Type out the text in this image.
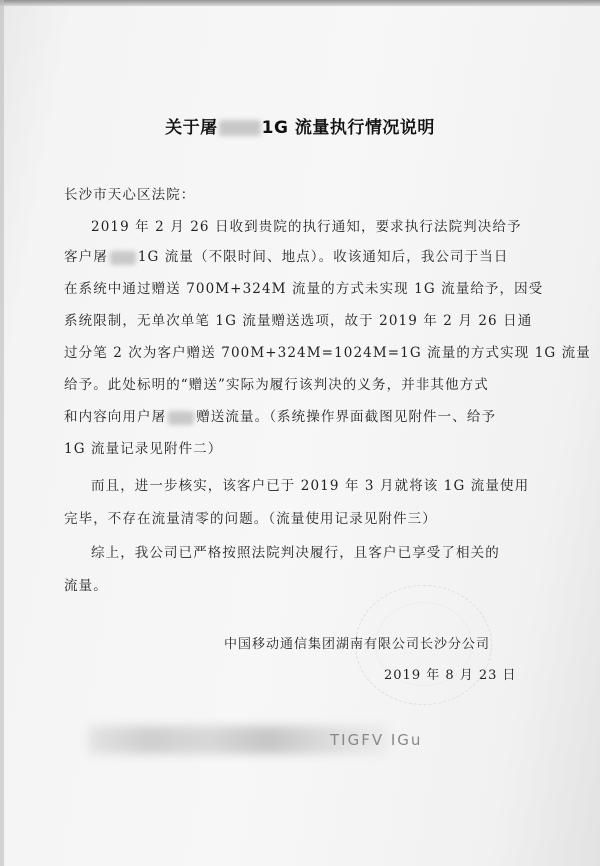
关于屠	1G 流量执行情况说明
长沙市天心区法院：
2019 年 2 月 26 日收到贵院的执行通知，要求执行法院判决给予
客户屠 1G 流量（不限时间、地点）。收该通知后，我公司于当日
在系统中通过赠送 700M+324M 流量的方式未实现 1G 流量给予，因受
系统限制，无单次单笔 1G 流量赠送选项，故于 2019 年 2 月 26 日通
过分笔 2 次为客户赠送 700M+324M=1024M=1G 流量的方式实现 1G 流量
给予。此处标明的“赠送”实际为履行该判决的义务，并非其他方式
和内容向用户屠 赠送流量。（系统操作界面截图见附件一、给予
1G 流量记录见附件二）
而且，进一步核实，该客户已于 2019 年 3 月就将该 1G 流量使用
完毕，不存在流量清零的问题。（流量使用记录见附件三）
综上，我公司已严格按照法院判决履行，且客户已享受了相关的
流量。
中国移动通信集团湖南有限公司长沙分公司
2019 年 8 月 23 日
TIGFV IGu
